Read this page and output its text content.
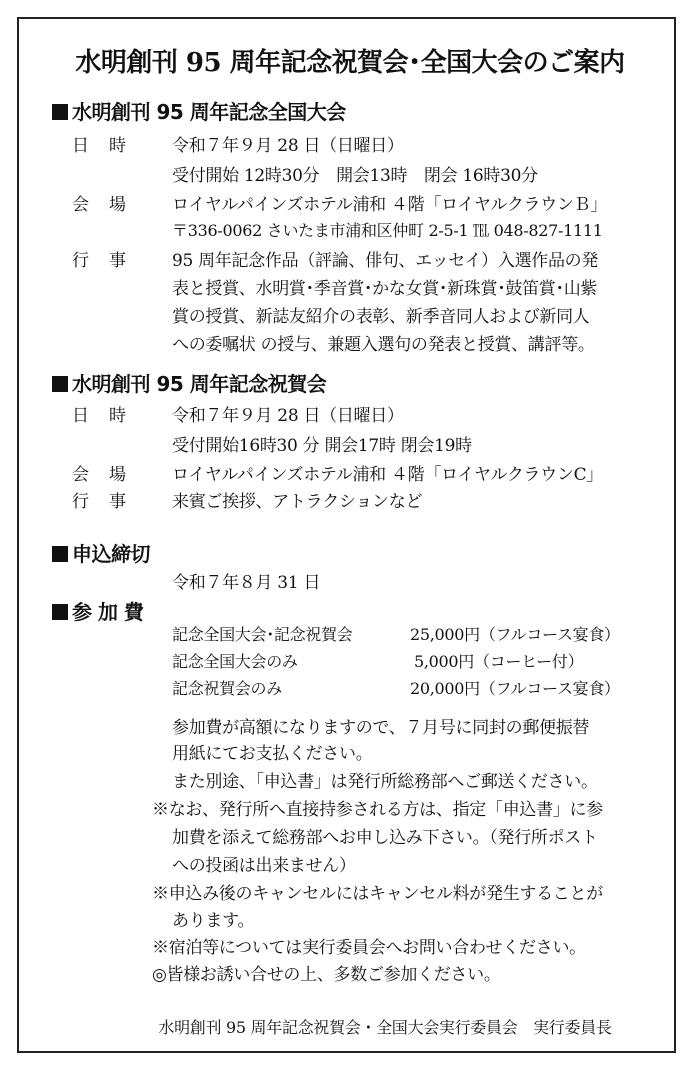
水明創刊 95 周年記念祝賀会･全国大会のご案内
水明創刊 95 周年記念全国大会
日時 令和７年９月 28 日（日曜日）
受付開始 12時30分　開会13時　閉会 16時30分
会場 ロイヤルパインズホテル浦和 ４階「ロイヤルクラウンＢ」
〒336-0062 さいたま市浦和区仲町 2-5-1 ℡ 048-827-1111
行事 95 周年記念作品（評論、俳句、エッセイ）入選作品の発
表と授賞、水明賞･季音賞･かな女賞･新珠賞･鼓笛賞･山紫
賞の授賞、新誌友紹介の表彰、新季音同人および新同人
への委嘱状 の授与、兼題入選句の発表と授賞、講評等。
水明創刊 95 周年記念祝賀会
日時 令和７年９月 28 日（日曜日）
受付開始16時30 分 開会17時 閉会19時
会場 ロイヤルパインズホテル浦和 ４階「ロイヤルクラウンC」
行事 来賓ご挨拶、アトラクションなど
申込締切
令和７年８月 31 日
参 加 費
記念全国大会･記念祝賀会	25,000円（フルコース宴食）
記念全国大会のみ	5,000円（コーヒー付）
記念祝賀会のみ	20,000円（フルコース宴食）
参加費が高額になりますので、７月号に同封の郵便振替
用紙にてお支払ください。
また別途、「申込書」は発行所総務部へご郵送ください。
※なお、発行所へ直接持参される方は、指定「申込書」に参
加費を添えて総務部へお申し込み下さい。（発行所ポスト
への投函は出来ません）
※申込み後のキャンセルにはキャンセル料が発生することが
あります。
※宿泊等については実行委員会へお問い合わせください。
◎皆様お誘い合せの上、多数ご参加ください。
水明創刊 95 周年記念祝賀会・全国大会実行委員会　実行委員長
